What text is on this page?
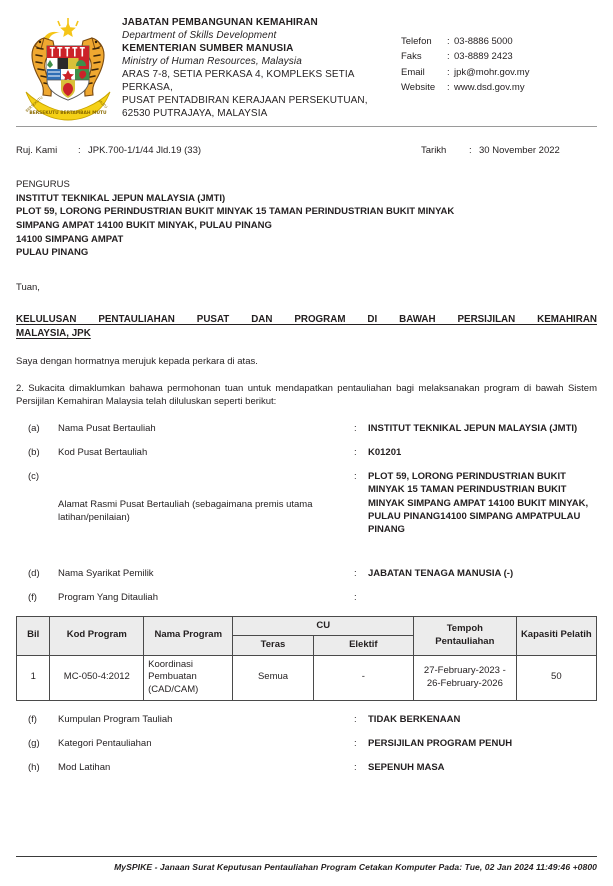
BERSEKUTU BERTAMBAH MUTU
BERSEKUTU	MUTU
JABATAN PEMBANGUNAN KEMAHIRAN
Department of Skills Development
KEMENTERIAN SUMBER MANUSIA
Ministry of Human Resources, Malaysia
ARAS 7-8, SETIA PERKASA 4, KOMPLEKS SETIA
PERKASA,
PUSAT PENTADBIRAN KERAJAAN PERSEKUTUAN,
62530 PUTRAJAYA, MALAYSIA
Telefon	: 03-8886 5000
Faks	: 03-8889 2423
Email	: jpk@mohr.gov.my
Website	: www.dsd.gov.my
Ruj. Kami	: JPK.700-1/1/44 Jld.19 (33)	Tarikh	: 30 November 2022
PENGURUS
INSTITUT TEKNIKAL JEPUN MALAYSIA (JMTI)
PLOT 59, LORONG PERINDUSTRIAN BUKIT MINYAK 15 TAMAN PERINDUSTRIAN BUKIT MINYAK
SIMPANG AMPAT 14100 BUKIT MINYAK, PULAU PINANG
14100 SIMPANG AMPAT
PULAU PINANG
Tuan,
KELULUSAN PENTAULIAHAN PUSAT DAN PROGRAM DI BAWAH PERSIJILAN KEMAHIRAN
MALAYSIA, JPK
Saya dengan hormatnya merujuk kepada perkara di atas.
2. Sukacita dimaklumkan bahawa permohonan tuan untuk mendapatkan pentauliahan bagi melaksanakan program di bawah Sistem Persijilan Kemahiran Malaysia telah diluluskan seperti berikut:
(a)	Nama Pusat Bertauliah	:	INSTITUT TEKNIKAL JEPUN MALAYSIA (JMTI)
(b)	Kod Pusat Bertauliah	:	K01201
(c)
Alamat Rasmi Pusat Bertauliah (sebagaimana premis utama latihan/penilaian)
:	PLOT 59, LORONG PERINDUSTRIAN BUKIT MINYAK 15 TAMAN PERINDUSTRIAN BUKIT MINYAK SIMPANG AMPAT 14100 BUKIT MINYAK, PULAU PINANG14100 SIMPANG AMPATPULAU PINANG
(d)	Nama Syarikat Pemilik	:	JABATAN TENAGA MANUSIA (-)
(f)	Program Yang Ditauliah	:
Bil	Kod Program	Nama Program	CU		Tempoh Pentauliahan	Kapasiti Pelatih
			Teras	Elektif		
1	MC-050-4:2012	Koordinasi Pembuatan (CAD/CAM)	Semua	-	27-February-2023 - 26-February-2026	50
(f)	Kumpulan Program Tauliah	:	TIDAK BERKENAAN
(g)	Kategori Pentauliahan	:	PERSIJILAN PROGRAM PENUH
(h)	Mod Latihan	:	SEPENUH MASA
MySPIKE - Janaan Surat Keputusan Pentauliahan Program Cetakan Komputer Pada: Tue, 02 Jan 2024 11:49:46 +0800
